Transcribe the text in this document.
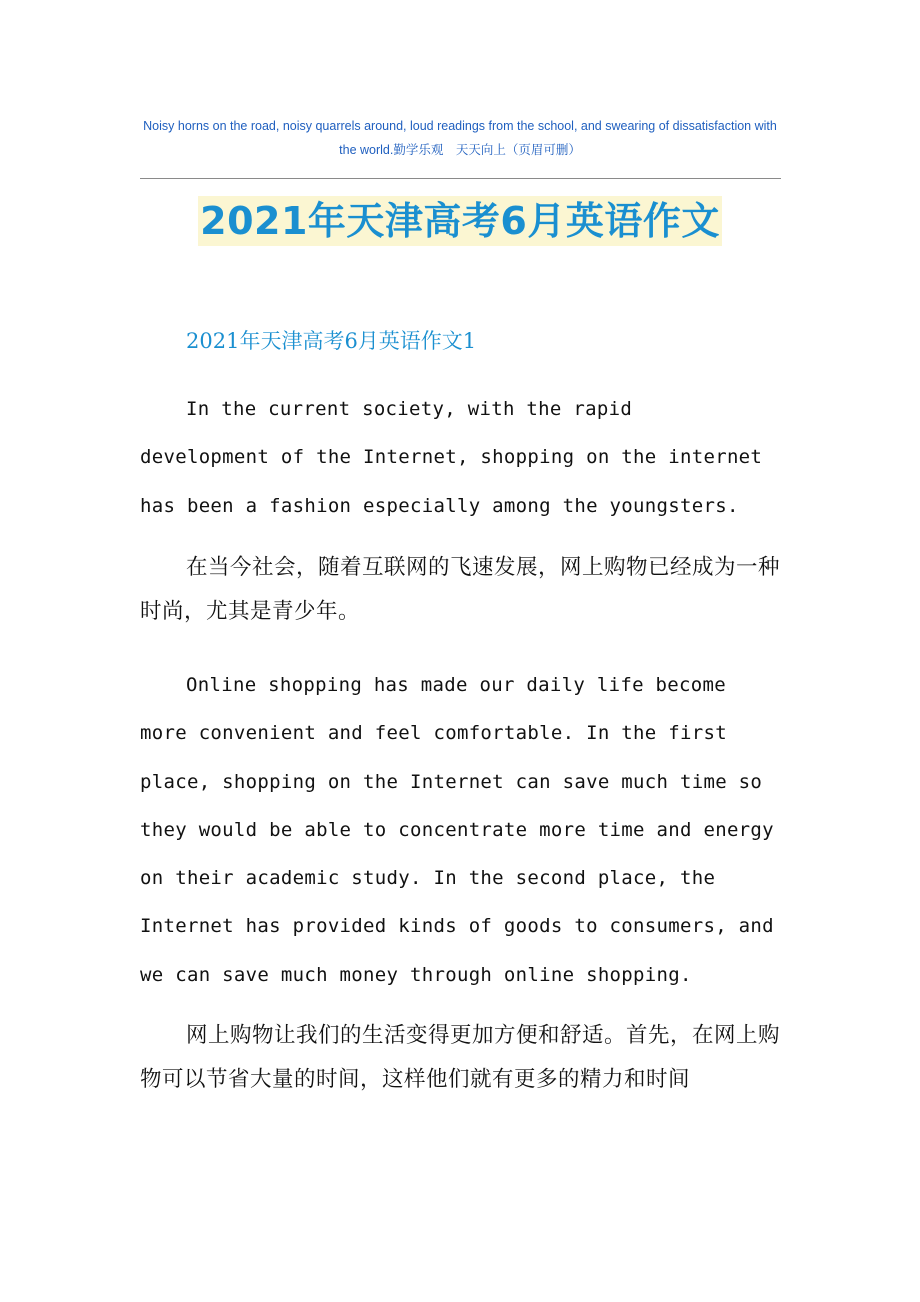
Noisy horns on the road, noisy quarrels around, loud readings from the school, and swearing of dissatisfaction with the world.勤学乐观　天天向上（页眉可删）
2021年天津高考6月英语作文
2021年天津高考6月英语作文1

In the current society, with the rapid development of the Internet, shopping on the internet has been a fashion especially among the youngsters.

在当今社会，随着互联网的飞速发展，网上购物已经成为一种时尚，尤其是青少年。

Online shopping has made our daily life become more convenient and feel comfortable. In the first place, shopping on the Internet can save much time so they would be able to concentrate more time and energy on their academic study. In the second place, the Internet has provided kinds of goods to consumers, and we can save much money through online shopping.

网上购物让我们的生活变得更加方便和舒适。首先，在网上购物可以节省大量的时间，这样他们就有更多的精力和时间
